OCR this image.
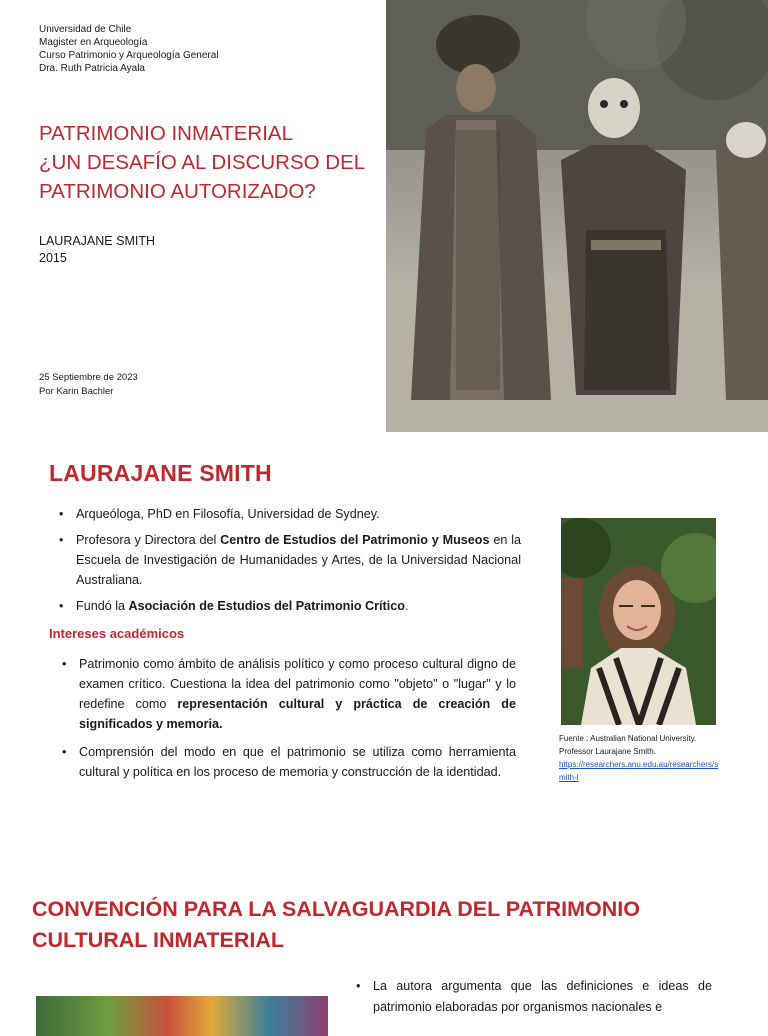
Universidad de Chile

Magister en Arqueología

Curso Patrimonio y Arqueología General

Dra. Ruth Patricia Ayala

PATRIMONIO INMATERIAL

¿UN DESAFÍO AL DISCURSO DEL

PATRIMONIO AUTORIZADO?

LAURAJANE SMITH
2015
25 Septiembre de 2023
Por Karin Bachler
LAURAJANE SMITH
• Arqueóloga, PhD en Filosofía, Universidad de Sydney.
• Profesora y Directora del Centro de Estudios del Patrimonio y Museos en la Escuela de Investigación de Humanidades y Artes, de la Universidad Nacional Australiana.
• Fundó la Asociación de Estudios del Patrimonio Crítico.
Intereses académicos
• Patrimonio como ámbito de análisis político y como proceso cultural digno de examen crítico. Cuestiona la idea del patrimonio como "objeto" o "lugar" y lo redefine como representación cultural y práctica de creación de significados y memoria.
• Comprensión del modo en que el patrimonio se utiliza como herramienta cultural y política en los proceso de memoria y construcción de la identidad.
Fuente : Australian National University.
Professor Laurajane Smith.
https://researchers.anu.edu.au/researchers/smith-l
CONVENCIÓN PARA LA SALVAGUARDIA DEL PATRIMONIO CULTURAL INMATERIAL
• La autora argumenta que las definiciones e ideas de patrimonio elaboradas por organismos nacionales e
